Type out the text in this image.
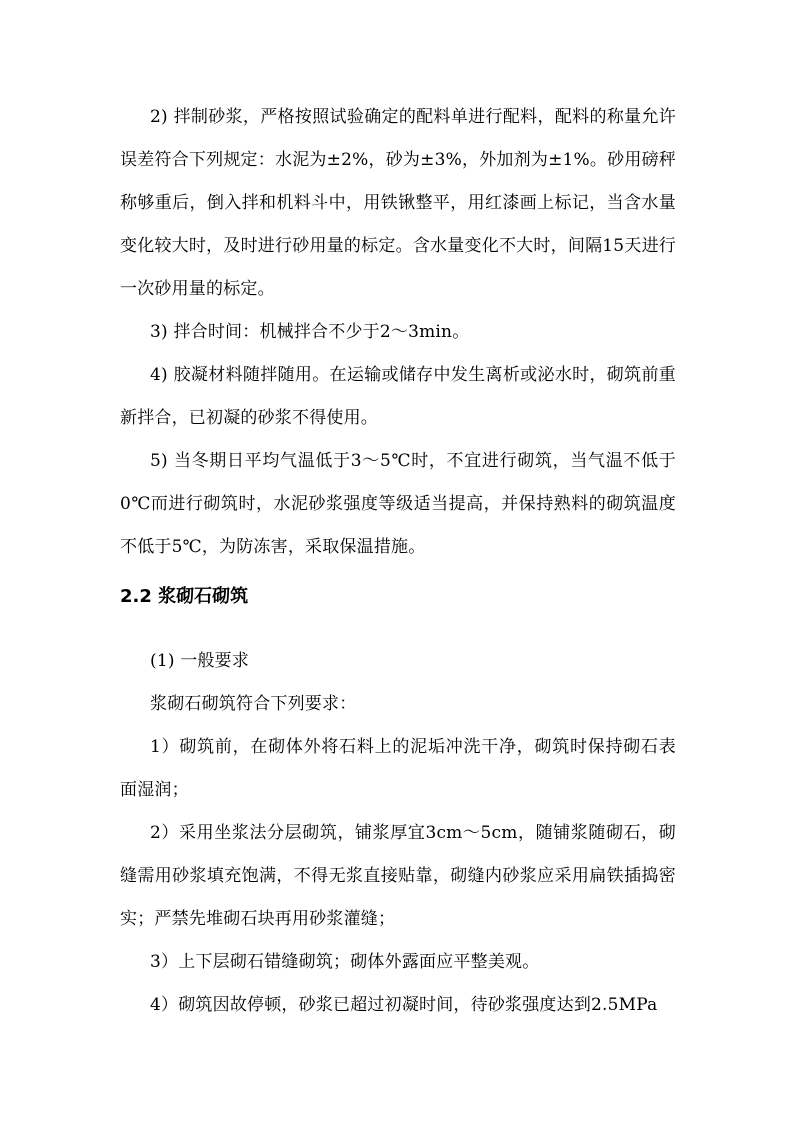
2) 拌制砂浆，严格按照试验确定的配料单进行配料，配料的称量允许误差符合下列规定：水泥为±2%，砂为±3%，外加剂为±1%。砂用磅秤称够重后，倒入拌和机料斗中，用铁锹整平，用红漆画上标记，当含水量变化较大时，及时进行砂用量的标定。含水量变化不大时，间隔15天进行一次砂用量的标定。

3) 拌合时间：机械拌合不少于2～3min。

4) 胶凝材料随拌随用。在运输或储存中发生离析或泌水时，砌筑前重新拌合，已初凝的砂浆不得使用。

5) 当冬期日平均气温低于3～5℃时，不宜进行砌筑，当气温不低于0℃而进行砌筑时，水泥砂浆强度等级适当提高，并保持熟料的砌筑温度不低于5℃，为防冻害，采取保温措施。

2.2 浆砌石砌筑

(1) 一般要求

浆砌石砌筑符合下列要求：

1）砌筑前，在砌体外将石料上的泥垢冲洗干净，砌筑时保持砌石表面湿润；

2）采用坐浆法分层砌筑，铺浆厚宜3cm～5cm，随铺浆随砌石，砌缝需用砂浆填充饱满，不得无浆直接贴靠，砌缝内砂浆应采用扁铁插捣密实；严禁先堆砌石块再用砂浆灌缝；

3）上下层砌石错缝砌筑；砌体外露面应平整美观。

4）砌筑因故停顿，砂浆已超过初凝时间，待砂浆强度达到2.5MPa
